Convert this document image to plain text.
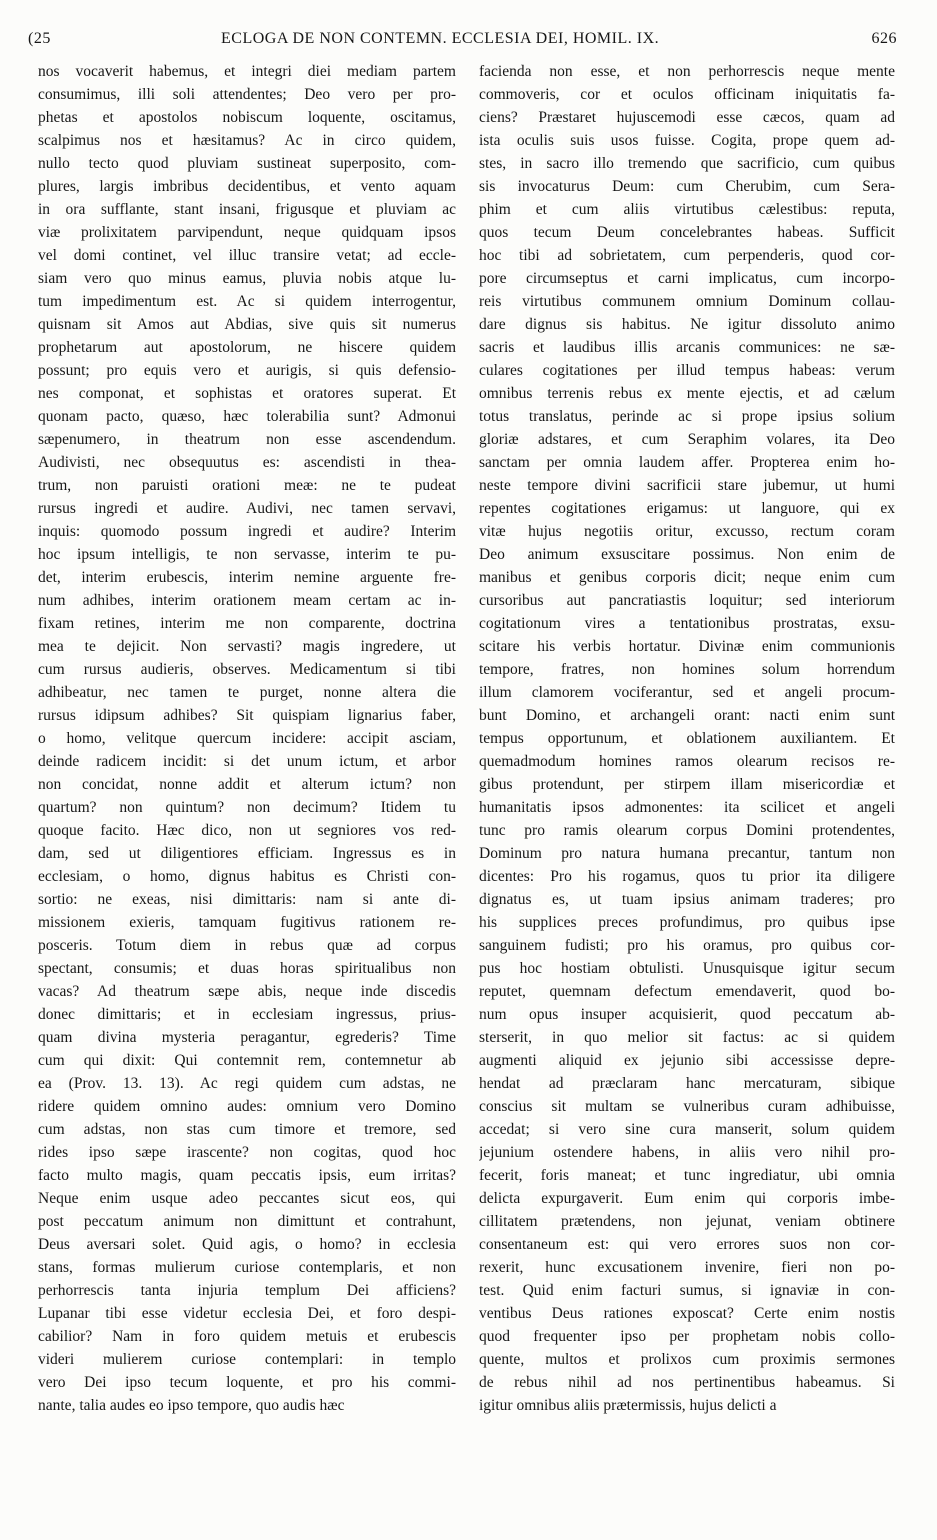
(25	ECLOGA DE NON CONTEMN. ECCLESIA DEI, HOMIL. IX.	626
nos vocaverit habemus, et integri diei mediam partem
consumimus, illi soli attendentes; Deo vero per pro-
phetas et apostolos nobiscum loquente, oscitamus,
scalpimus nos et hæsitamus? Ac in circo quidem,
nullo tecto quod pluviam sustineat superposito, com-
plures, largis imbribus decidentibus, et vento aquam
in ora sufflante, stant insani, frigusque et pluviam ac
viæ prolixitatem parvipendunt, neque quidquam ipsos
vel domi continet, vel illuc transire vetat; ad eccle-
siam vero quo minus eamus, pluvia nobis atque lu-
tum impedimentum est. Ac si quidem interrogentur,
quisnam sit Amos aut Abdias, sive quis sit numerus
prophetarum aut apostolorum, ne hiscere quidem
possunt; pro equis vero et aurigis, si quis defensio-
nes componat, et sophistas et oratores superat. Et
quonam pacto, quæso, hæc tolerabilia sunt? Admonui
sæpenumero, in theatrum non esse ascendendum.
Audivisti, nec obsequutus es: ascendisti in thea-
trum, non paruisti orationi meæ: ne te pudeat
rursus ingredi et audire. Audivi, nec tamen servavi,
inquis: quomodo possum ingredi et audire? Interim
hoc ipsum intelligis, te non servasse, interim te pu-
det, interim erubescis, interim nemine arguente fre-
num adhibes, interim orationem meam certam ac in-
fixam retines, interim me non comparente, doctrina
mea te dejicit. Non servasti? magis ingredere, ut
cum rursus audieris, observes. Medicamentum si tibi
adhibeatur, nec tamen te purget, nonne altera die
rursus idipsum adhibes? Sit quispiam lignarius faber,
o homo, velitque quercum incidere: accipit asciam,
deinde radicem incidit: si det unum ictum, et arbor
non concidat, nonne addit et alterum ictum? non
quartum? non quintum? non decimum? Itidem tu
quoque facito. Hæc dico, non ut segniores vos red-
dam, sed ut diligentiores efficiam. Ingressus es in
ecclesiam, o homo, dignus habitus es Christi con-
sortio: ne exeas, nisi dimittaris: nam si ante di-
missionem exieris, tamquam fugitivus rationem re-
posceris. Totum diem in rebus quæ ad corpus
spectant, consumis; et duas horas spiritualibus non
vacas? Ad theatrum sæpe abis, neque inde discedis
donec dimittaris; et in ecclesiam ingressus, prius-
quam divina mysteria peragantur, egrederis? Time
cum qui dixit: Qui contemnit rem, contemnetur ab
ea (Prov. 13. 13). Ac regi quidem cum adstas, ne
ridere quidem omnino audes: omnium vero Domino
cum adstas, non stas cum timore et tremore, sed
rides ipso sæpe irascente? non cogitas, quod hoc
facto multo magis, quam peccatis ipsis, eum irritas?
Neque enim usque adeo peccantes sicut eos, qui
post peccatum animum non dimittunt et contrahunt,
Deus aversari solet. Quid agis, o homo? in ecclesia
stans, formas mulierum curiose contemplaris, et non
perhorrescis tanta injuria templum Dei afficiens?
Lupanar tibi esse videtur ecclesia Dei, et foro despi-
cabilior? Nam in foro quidem metuis et erubescis
videri mulierem curiose contemplari: in templo
vero Dei ipso tecum loquente, et pro his commi-
nante, talia audes eo ipso tempore, quo audis hæc
facienda non esse, et non perhorrescis neque mente
commoveris, cor et oculos officinam iniquitatis fa-
ciens? Præstaret hujuscemodi esse cæcos, quam ad
ista oculis suis usos fuisse. Cogita, prope quem ad-
stes, in sacro illo tremendo que sacrificio, cum quibus
sis invocaturus Deum: cum Cherubim, cum Sera-
phim et cum aliis virtutibus cælestibus: reputa,
quos tecum Deum concelebrantes habeas. Sufficit
hoc tibi ad sobrietatem, cum perpenderis, quod cor-
pore circumseptus et carni implicatus, cum incorpo-
reis virtutibus communem omnium Dominum collau-
dare dignus sis habitus. Ne igitur dissoluto animo
sacris et laudibus illis arcanis communices: ne sæ-
culares cogitationes per illud tempus habeas: verum
omnibus terrenis rebus ex mente ejectis, et ad cælum
totus translatus, perinde ac si prope ipsius solium
gloriæ adstares, et cum Seraphim volares, ita Deo
sanctam per omnia laudem affer. Propterea enim ho-
neste tempore divini sacrificii stare jubemur, ut humi
repentes cogitationes erigamus: ut languore, qui ex
vitæ hujus negotiis oritur, excusso, rectum coram
Deo animum exsuscitare possimus. Non enim de
manibus et genibus corporis dicit; neque enim cum
cursoribus aut pancratiastis loquitur; sed interiorum
cogitationum vires a tentationibus prostratas, exsu-
scitare his verbis hortatur. Divinæ enim communionis
tempore, fratres, non homines solum horrendum
illum clamorem vociferantur, sed et angeli procum-
bunt Domino, et archangeli orant: nacti enim sunt
tempus opportunum, et oblationem auxiliantem. Et
quemadmodum homines ramos olearum recisos re-
gibus protendunt, per stirpem illam misericordiæ et
humanitatis ipsos admonentes: ita scilicet et angeli
tunc pro ramis olearum corpus Domini protendentes,
Dominum pro natura humana precantur, tantum non
dicentes: Pro his rogamus, quos tu prior ita diligere
dignatus es, ut tuam ipsius animam traderes; pro
his supplices preces profundimus, pro quibus ipse
sanguinem fudisti; pro his oramus, pro quibus cor-
pus hoc hostiam obtulisti. Unusquisque igitur secum
reputet, quemnam defectum emendaverit, quod bo-
num opus insuper acquisierit, quod peccatum ab-
sterserit, in quo melior sit factus: ac si quidem
augmenti aliquid ex jejunio sibi accessisse depre-
hendat ad præclaram hanc mercaturam, sibique
conscius sit multam se vulneribus curam adhibuisse,
accedat; si vero sine cura manserit, solum quidem
jejunium ostendere habens, in aliis vero nihil pro-
fecerit, foris maneat; et tunc ingrediatur, ubi omnia
delicta expurgaverit. Eum enim qui corporis imbe-
cillitatem prætendens, non jejunat, veniam obtinere
consentaneum est: qui vero errores suos non cor-
rexerit, hunc excusationem invenire, fieri non po-
test. Quid enim facturi sumus, si ignaviæ in con-
ventibus Deus rationes exposcat? Certe enim nostis
quod frequenter ipso per prophetam nobis collo-
quente, multos et prolixos cum proximis sermones
de rebus nihil ad nos pertinentibus habeamus. Si
igitur omnibus aliis prætermissis, hujus delicti a
